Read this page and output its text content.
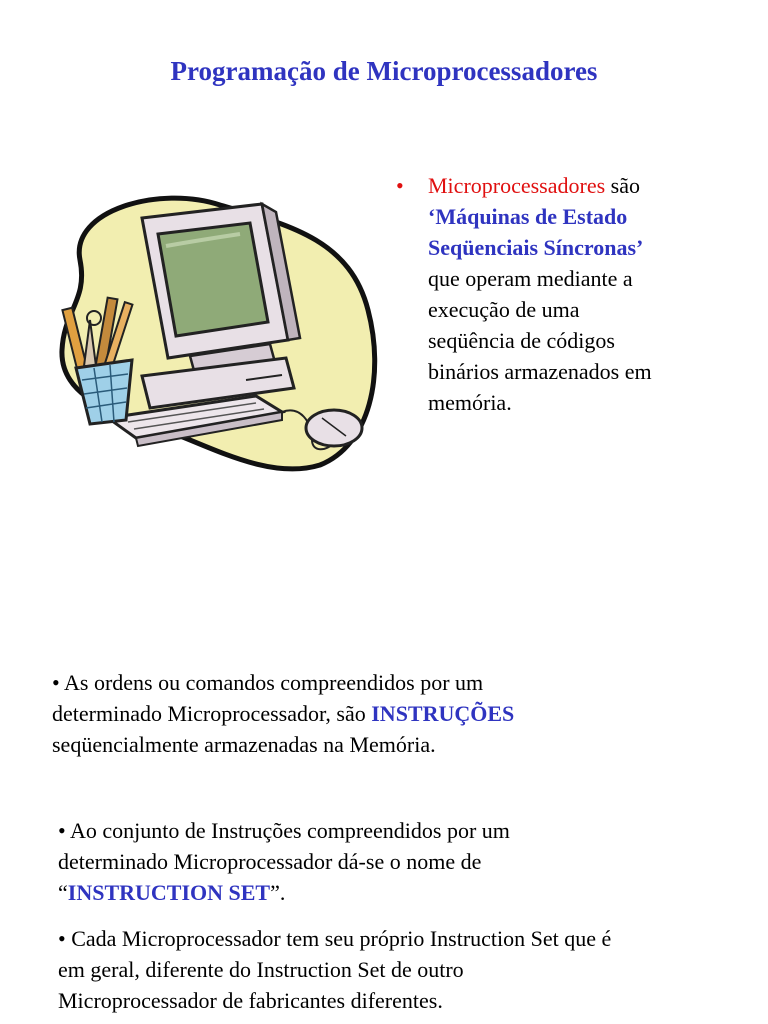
Programação de Microprocessadores
• Microprocessadores são
‘Máquinas de Estado
Seqüenciais Síncronas’
que operam mediante a
execução de uma
seqüência de códigos
binários armazenados em
memória.
• As ordens ou comandos compreendidos por um
determinado Microprocessador, são INSTRUÇÕES
seqüencialmente armazenadas na Memória.
• Ao conjunto de Instruções compreendidos por um
determinado Microprocessador dá-se o nome de
“INSTRUCTION SET”.
• Cada Microprocessador tem seu próprio Instruction Set que é
em geral, diferente do Instruction Set de outro
Microprocessador de fabricantes diferentes.
